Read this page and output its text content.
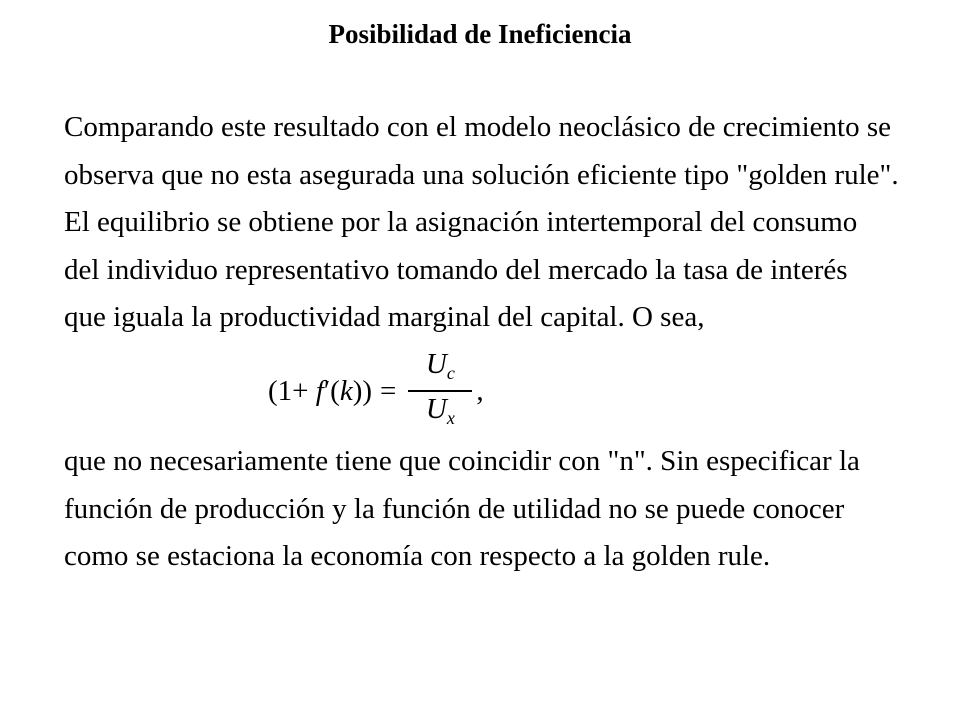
Posibilidad de Ineficiencia
Comparando este resultado con el modelo neoclásico de crecimiento se
observa que no esta asegurada una solución eficiente tipo "golden rule".
El equilibrio se obtiene por la asignación intertemporal del consumo
del individuo representativo tomando del mercado la tasa de interés
que iguala la productividad marginal del capital. O sea,
$(1+ f'(k)) = \frac{U_c}{U_x}$ ,
que no necesariamente tiene que coincidir con "n". Sin especificar la
función de producción y la función de utilidad no se puede conocer
como se estaciona la economía con respecto a la golden rule.
